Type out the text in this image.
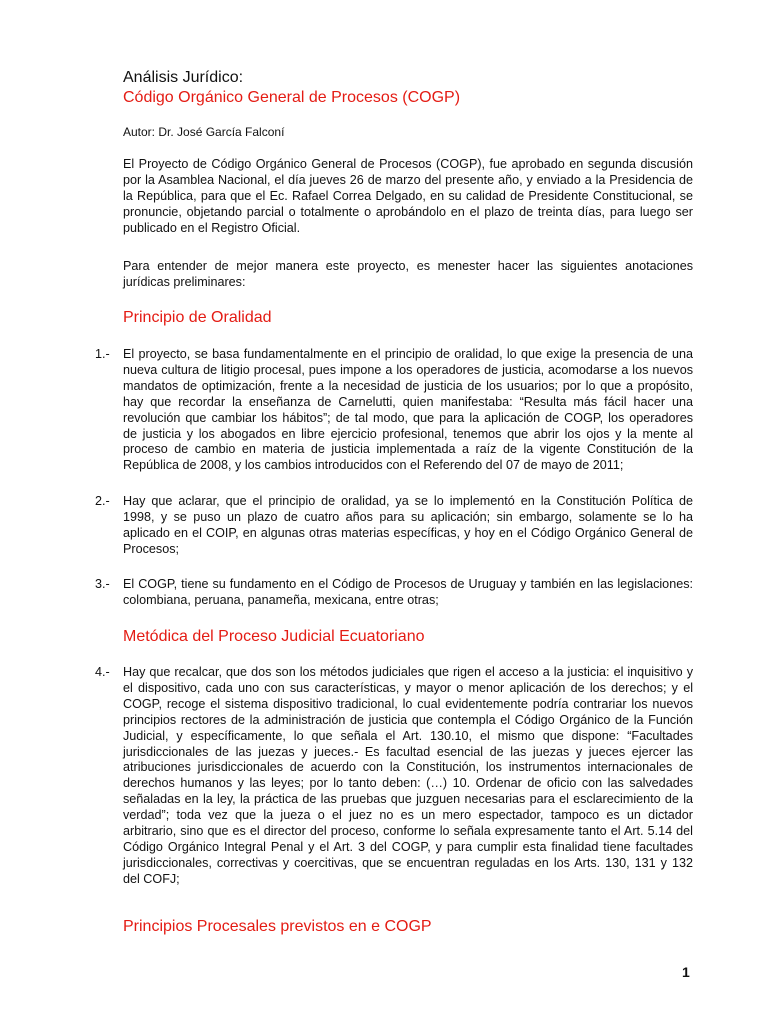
Análisis Jurídico:
Código Orgánico General de Procesos (COGP)
Autor: Dr. José García Falconí
El Proyecto de Código Orgánico General de Procesos (COGP), fue aprobado en segunda discusión
por la Asamblea Nacional, el día jueves 26 de marzo del presente año, y enviado a la Presidencia de
la República, para que el Ec. Rafael Correa Delgado, en su calidad de Presidente Constitucional, se
pronuncie, objetando parcial o totalmente o aprobándolo en el plazo de treinta días, para luego ser
publicado en el Registro Oficial.
Para entender de mejor manera este proyecto, es menester hacer las siguientes anotaciones
jurídicas preliminares:
Principio de Oralidad
1.- El proyecto, se basa fundamentalmente en el principio de oralidad, lo que exige la presencia de una
nueva cultura de litigio procesal, pues impone a los operadores de justicia, acomodarse a los nuevos
mandatos de optimización, frente a la necesidad de justicia de los usuarios; por lo que a propósito,
hay que recordar la enseñanza de Carnelutti, quien manifestaba: “Resulta más fácil hacer una
revolución que cambiar los hábitos”; de tal modo, que para la aplicación de COGP, los operadores
de justicia y los abogados en libre ejercicio profesional, tenemos que abrir los ojos y la mente al
proceso de cambio en materia de justicia implementada a raíz de la vigente Constitución de la
República de 2008, y los cambios introducidos con el Referendo del 07 de mayo de 2011;
2.- Hay que aclarar, que el principio de oralidad, ya se lo implementó en la Constitución Política de
1998, y se puso un plazo de cuatro años para su aplicación; sin embargo, solamente se lo ha
aplicado en el COIP, en algunas otras materias específicas, y hoy en el Código Orgánico General de
Procesos;
3.- El COGP, tiene su fundamento en el Código de Procesos de Uruguay y también en las legislaciones:
colombiana, peruana, panameña, mexicana, entre otras;
Metódica del Proceso Judicial Ecuatoriano
4.- Hay que recalcar, que dos son los métodos judiciales que rigen el acceso a la justicia: el inquisitivo y
el dispositivo, cada uno con sus características, y mayor o menor aplicación de los derechos; y el
COGP, recoge el sistema dispositivo tradicional, lo cual evidentemente podría contrariar los nuevos
principios rectores de la administración de justicia que contempla el Código Orgánico de la Función
Judicial, y específicamente, lo que señala el Art. 130.10, el mismo que dispone: “Facultades
jurisdiccionales de las juezas y jueces.- Es facultad esencial de las juezas y jueces ejercer las
atribuciones jurisdiccionales de acuerdo con la Constitución, los instrumentos internacionales de
derechos humanos y las leyes; por lo tanto deben: (…) 10. Ordenar de oficio con las salvedades
señaladas en la ley, la práctica de las pruebas que juzguen necesarias para el esclarecimiento de la
verdad”; toda vez que la jueza o el juez no es un mero espectador, tampoco es un dictador
arbitrario, sino que es el director del proceso, conforme lo señala expresamente tanto el Art. 5.14 del
Código Orgánico Integral Penal y el Art. 3 del COGP, y para cumplir esta finalidad tiene facultades
jurisdiccionales, correctivas y coercitivas, que se encuentran reguladas en los Arts. 130, 131 y 132
del COFJ;
Principios Procesales previstos en e COGP
1
